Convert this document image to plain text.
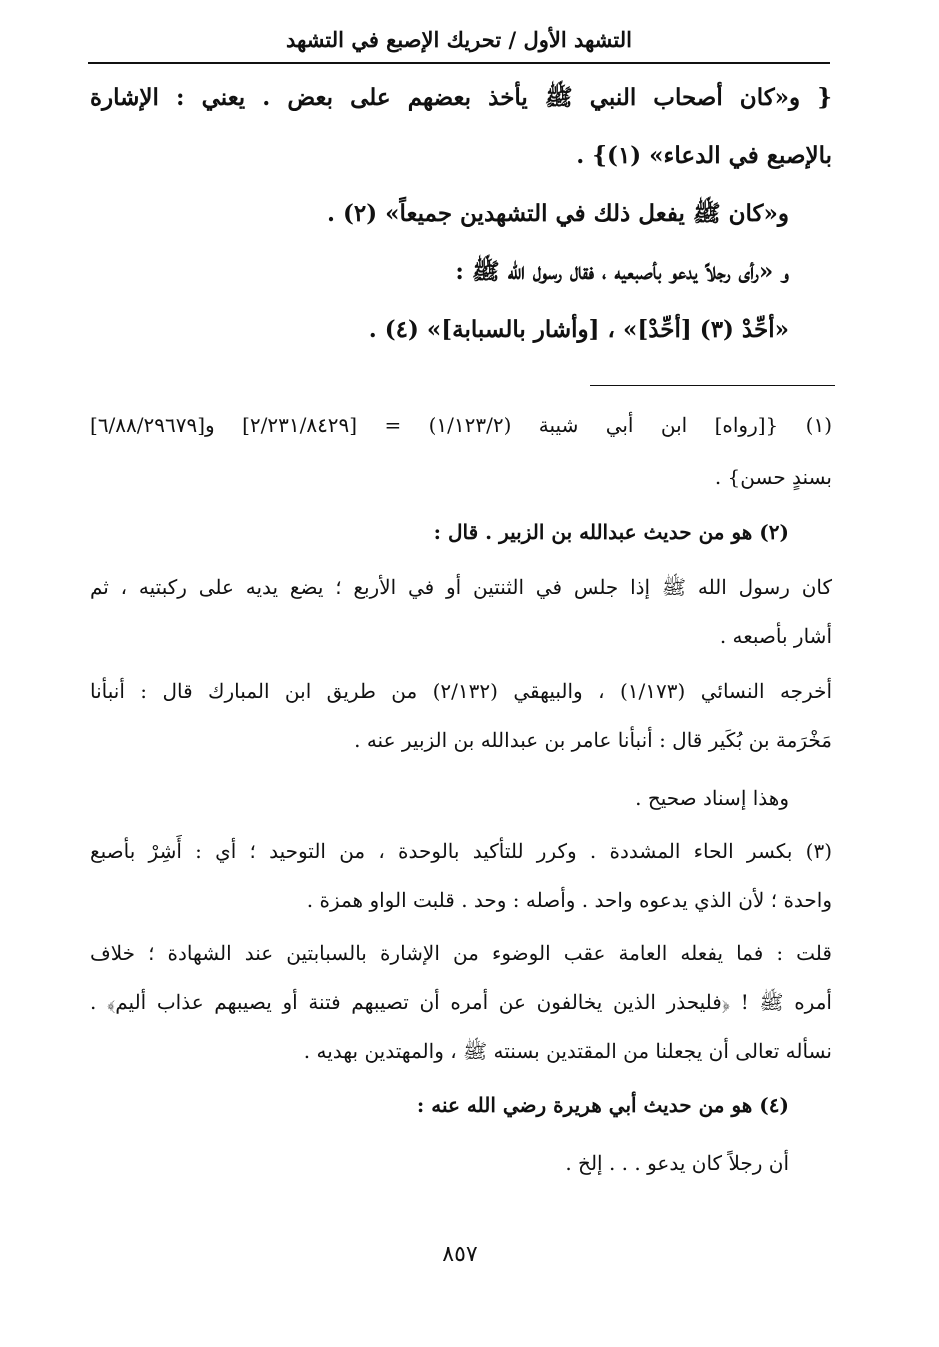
التشهد الأول / تحريك الإصبع في التشهد
{ و«كان أصحاب النبي ﷺ يأخذ بعضهم على بعض . يعني : الإشارة
بالإصبع في الدعاء» (١)} .
و«كان ﷺ يفعل ذلك في التشهدين جميعاً» (٢) .
و «رأى رجلاً يدعو بأصبعيه ، فقال رسول الله ﷺ :
«أحِّدْ (٣) [أحِّدْ]» ، [وأشار بالسبابة]» (٤) .
(١) {[رواه] ابن أبي شيبة (١/١٢٣/٢) = [٢/٢٣١/٨٤٢٩] و[٦/٨٨/٢٩٦٧٩]
بسندٍ حسن} .
(٢) هو من حديث عبدالله بن الزبير . قال :
كان رسول الله ﷺ إذا جلس في الثنتين أو في الأربع ؛ يضع يديه على ركبتيه ، ثم
أشار بأصبعه .
أخرجه النسائي (١/١٧٣) ، والبيهقي (٢/١٣٢) من طريق ابن المبارك قال : أنبأنا
مَخْرَمة بن بُكَير قال : أنبأنا عامر بن عبدالله بن الزبير عنه .
وهذا إسناد صحيح .
(٣) بكسر الحاء المشددة . وكرر للتأكيد بالوحدة ، من التوحيد ؛ أي : أَشِرْ بأصبع
واحدة ؛ لأن الذي يدعوه واحد . وأصله : وحد . قلبت الواو همزة .
قلت : فما يفعله العامة عقب الوضوء من الإشارة بالسبابتين عند الشهادة ؛ خلاف
أمره ﷺ ! ﴿فليحذر الذين يخالفون عن أمره أن تصيبهم فتنة أو يصيبهم عذاب أليم﴾ .
نسأله تعالى أن يجعلنا من المقتدين بسنته ﷺ ، والمهتدين بهديه .
(٤) هو من حديث أبي هريرة رضي الله عنه :
أن رجلاً كان يدعو . . . إلخ .
٨٥٧
